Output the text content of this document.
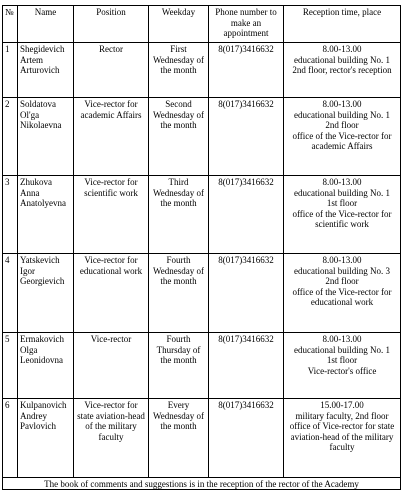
№	Name	Position	Weekday	Phone number to make an appointment	Reception time, place
1	Shegidevich Artem Arturovich	Rector	First Wednesday of the month	8(017)3416632	8.00-13.00
educational building No. 1
2nd floor, rector's reception

2	Soldatova Ol'ga Nikolaevna	Vice-rector for academic Affairs	Second Wednesday of the month	8(017)3416632	8.00-13.00
educational building No. 1
2nd floor
office of the Vice-rector for academic Affairs

3	Zhukova Anna Anatolyevna	Vice-rector for scientific work	Third Wednesday of the month	8(017)3416632	8.00-13.00
educational building No. 1
1st floor
office of the Vice-rector for scientific work

4	Yatskevich Igor Georgievich	Vice-rector for educational work	Fourth Wednesday of the month	8(017)3416632	8.00-13.00
educational building No. 3
2nd floor
office of the Vice-rector for educational work

5	Ermakovich Olga Leonidovna	Vice-rector	Fourth Thursday of the month	8(017)3416632	8.00-13.00
educational building No. 1
1st floor
Vice-rector's office

6	Kulpanovich Andrey Pavlovich	Vice-rector for state aviation-head of the military faculty	Every Wednesday of the month	8(017)3416632	15.00-17.00
military faculty, 2nd floor
office of Vice-rector for state aviation-head of the military faculty

The book of comments and suggestions is in the reception of the rector of the Academy					
